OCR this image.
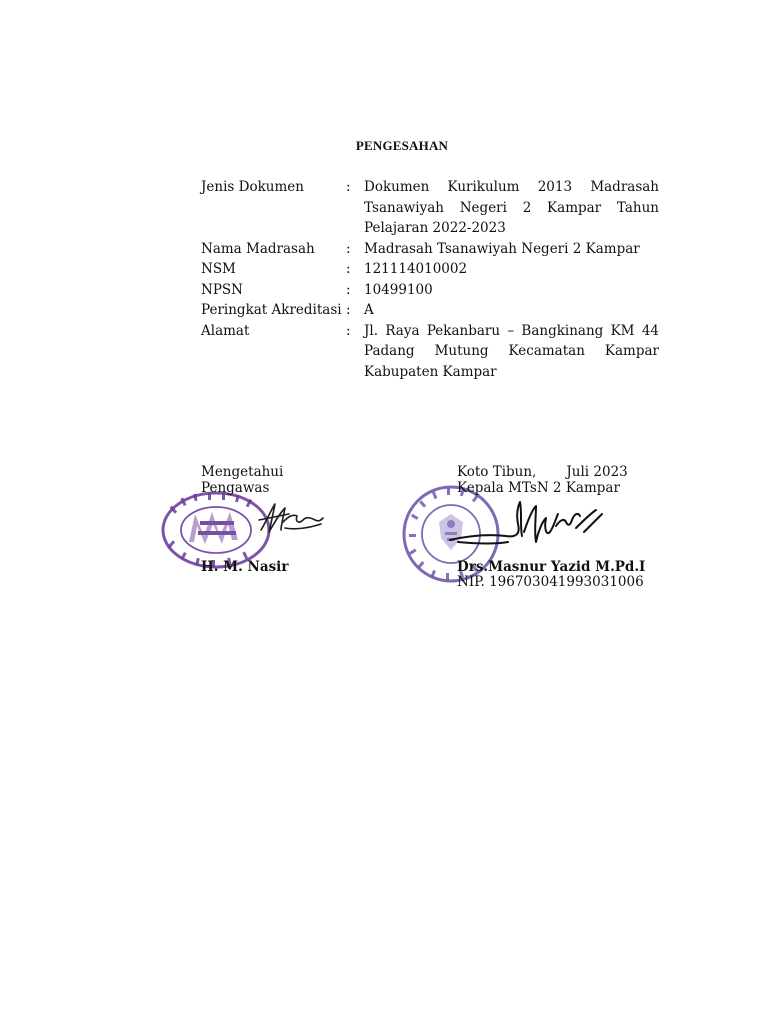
PENGESAHAN
Jenis Dokumen	: Dokumen Kurikulum 2013 Madrasah Tsanawiyah Negeri 2 Kampar Tahun Pelajaran 2022-2023
Nama Madrasah	: Madrasah Tsanawiyah Negeri 2 Kampar
NSM	: 121114010002
NPSN	: 10499100
Peringkat Akreditasi : A
Alamat	: Jl. Raya Pekanbaru – Bangkinang KM 44 Padang Mutung Kecamatan Kampar Kabupaten Kampar
Mengetahui
Pengawas
H. M. Nasir
Koto Tibun,       Juli 2023
Kepala MTsN 2 Kampar
Drs.Masnur Yazid M.Pd.I
NIP. 196703041993031006
